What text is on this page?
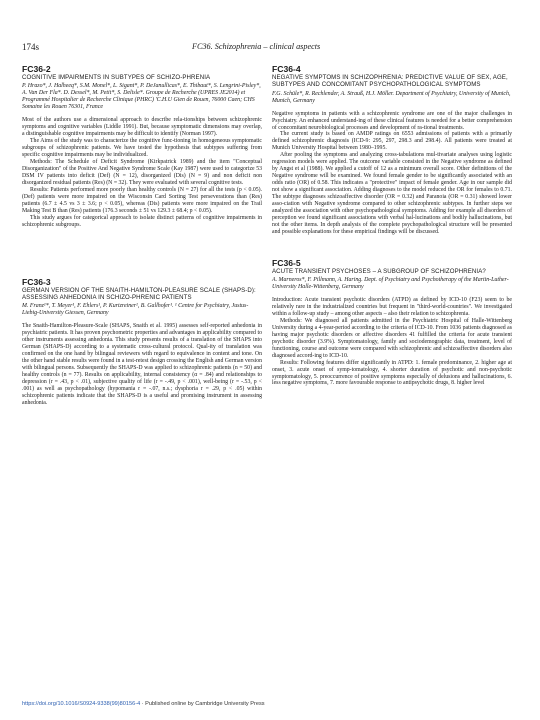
174s	FC36. Schizophrenia – clinical aspects
FC36-2
COGNITIVE IMPAIRMENTS IN SUBTYPES OF SCHIZO-PHRENIA
P. Hrazo*, J. Halheeq*, S.M. Monel*, L. Sigant*, P. DeJanullicas*, E. Thibaut*, S. Lengrini-Pisley*, A. Van Der Fla*. D. Dessel*, M. Petit*, S. Delisle*. Groupe de Recherche (UPRES JE2014) et Programmé Hospitalier de Recherche Clinique (PHRC) 'C.H.U Gien de Rouen, 76000 Caen; CHS Somaine les Rouen 76301, France

Most of the authors use a dimensional approach to describe rela-tionships between schizophrenic symptoms and cognitive variables (Liddle 1991). But, because symptomatic dimensions may overlap, a distinguishable cognitive impairments may be difficult to identify (Norman 1997).

The Aims of the study was to characterize the cognitive func-tioning in homogeneous symptomatic subgroups of schizophrenic patients. We have tested the hypothesis that subtypes suffering from specific cognitive impairments may be individualized.

Methods: The Schedule of Deficit Syndrome (Kirkpatrick 1989) and the item "Conceptual Disorganization" of the Positive And Negative Syndrome Scale (Kay 1987) were used to categorize 53 DSM IV patients into deficit (Def) (N = 12), disorganized (Dis) (N = 9) and non deficit non disorganized residual patients (Res) (N = 32). They were evaluated with several cognitive tests.

Results: Patients performed more poorly than healthy controls (N = 27) for all the tests (p < 0.05). (Def) patients were more impaired on the Wisconsin Card Sorting Test perseverations than (Res) patients (6.7 ± 4.5 vs 3 ± 3.6; p < 0.05), whereas (Dis) patients were more impaired on the Trail Making Test B than (Res) patients (176.3 seconds ± 51 vs 129.3 ± 68.4; p < 0.05).

This study argues for categorical approach to isolate distinct patterns of cognitive impairments in schizophrenic subgroups.

FC36-3
GERMAN VERSION OF THE SNAITH-HAMILTON-PLEASURE SCALE (SHAPS-D): ASSESSING ANHEDONIA IN SCHIZO-PHRENIC PATIENTS
M. Franz¹*, T. Meyer¹, F. Ehlers¹, P. Kurtzreiner¹, B. Gallhofer¹. ¹ Centre for Psychiatry, Justus-Liebig-University Giessen, Germany

The Snaith-Hamilton-Pleasure-Scale (SHAPS, Snaith et al. 1995) assesses self-reported anhedonia in psychiatric patients. It has proven psychometric properties and advantages in applicability compared to other instruments assessing anhedonia. This study presents results of a translation of the SHAPS into German (SHAPS-D) according to a systematic cross-cultural protocol. Qual-ity of translation was confirmed on the one hand by bilingual reviewers with regard to equivalence in content and tone. On the other hand stable results were found in a test-retest design crossing the English and German version with bilingual persons. Subsequently the SHAPS-D was applied to schizophrenic patients (n = 50) and healthy controls (n = 77). Results on applicability, internal consistency (α = .84) and relationships to depression (r = .43, p < .01), subjective quality of life (r = -.49, p < .001), well-being (r = -.53, p < .001) as well as psychopathology (hypomania r = -.07, n.s.; dysphoria r = .29, p < .05) within schizophrenic patients indicate that the SHAPS-D is a useful and promising instrument in assessing anhedonia.

FC36-4
NEGATIVE SYMPTOMS IN SCHIZOPHRENIA: PREDICTIVE VALUE OF SEX, AGE, SUBTYPES AND CONCOMITANT PSYCHOPATHOLOGICAL SYMPTOMS
F.G. Schüle*, R. Rechlender, A. Strauß, H.J. Möller. Department of Psychiatry, University of Munich, Munich, Germany

Negative symptoms in patients with a schizophrenic syndrome are one of the major challenges in Psychiatry. An enhanced understand-ing of these clinical features is needed for a better comprehension of concomitant neurobiological processes and development of ra-tional treatments.

The current study is based on AMDP ratings on 6553 admissions of patients with a primarily defined schizophrenic diagnosis (ICD-9: 295, 297, 298.3 and 298.4). All patients were treated at Munich University Hospital between 1980–1995.

After pooling the symptoms and analyzing cross-tabulations mul-tivariate analyses using logistic regression models were applied. The outcome variable consisted in the Negative syndrome as defined by Angst et al (1988). We applied a cutoff of 12 as a minimum overall score. Other definitions of the Negative syndrome will be examined. We found female gender to be significantly associated with an odds ratio (OR) of 0.58. This indicates a "protective" impact of female gender. Age in our sample did not show a significant association. Adding diagnoses to the model reduced the OR for females to 0.71. The subtype diagnoses schizoaffective disorder (OR = 0.32) and Paranoia (OR = 0.31) showed lower asso-ciation with Negative syndrome compared to other schizophrenic subtypes. In further steps we analyzed the association with other psychopathological symptoms. Adding for example all disorders of perception we found significant associations with verbal hal-lucinations and bodily hallucinations, but not the other items. In depth analysis of the complete psychopathological structure will be presented and possible explanations for these empirical findings will be discussed.

FC36-5
ACUTE TRANSIENT PSYCHOSES – A SUBGROUP OF SCHIZOPHRENIA?
A. Marneros*, F. Pillmann, A. Haring. Dept. of Psychiatry and Psychotherapy of the Martin-Luther-University Halle-Wittenberg, Germany

Introduction: Acute transient psychotic disorders (ATPD) as defined by ICD-10 (F23) seem to be relatively rare in the industrialized countries but frequent in "third-world-countries". We investigated within a follow-up study – among other aspects – also their relation to schizophrenia.

Methods: We diagnosed all patients admitted in the Psychiatric Hospital of Halle-Wittenberg University during a 4-year-period according to the criteria of ICD-10. From 1036 patients diagnosed as having major psychotic disorders or affective disorders 41 fulfilled the criteria for acute transient psychotic disorder (3.9%). Symptomatology, family and sociodemographic data, treatment, level of functioning, course and outcome were compared with schizophrenic and schizoaffective disorders also diagnosed accord-ing to ICD-10.

Results: Following features differ significantly in ATPD: 1. female predominance, 2. higher age at onset, 3. acute onset of symp-tomatology, 4. shorter duration of psychotic and non-psychotic symptomatology, 5. preoccurrence of positive symptoms especially of delusions and hallucinations, 6. less negative symptoms, 7. more favourable response to antipsychotic drugs, 8. higher level

https://doi.org/10.1016/S0924-9338(99)80156-4 · Published online by Cambridge University Press
